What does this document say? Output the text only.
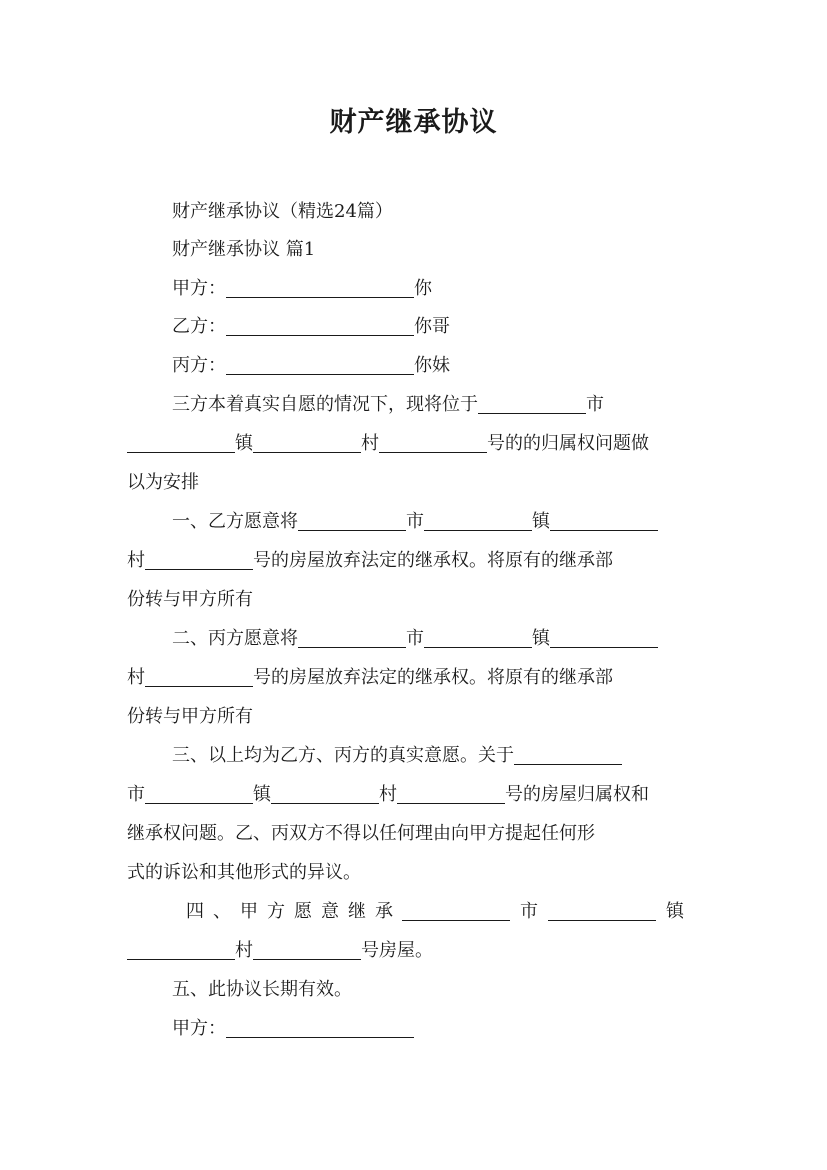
财产继承协议
财产继承协议（精选24篇）
财产继承协议 篇1
甲方：	你
乙方：	你哥
丙方：	你妹
三方本着真实自愿的情况下，现将位于	市
镇	村	号的的归属权问题做
以为安排
一、乙方愿意将	市	镇
村	号的房屋放弃法定的继承权。将原有的继承部
份转与甲方所有
二、丙方愿意将	市	镇
村	号的房屋放弃法定的继承权。将原有的继承部
份转与甲方所有
三、以上均为乙方、丙方的真实意愿。关于
市	镇	村	号的房屋归属权和
继承权问题。乙、丙双方不得以任何理由向甲方提起任何形
式的诉讼和其他形式的异议。
四、甲方愿意继承	市	镇
村	号房屋。
五、此协议长期有效。
甲方：
